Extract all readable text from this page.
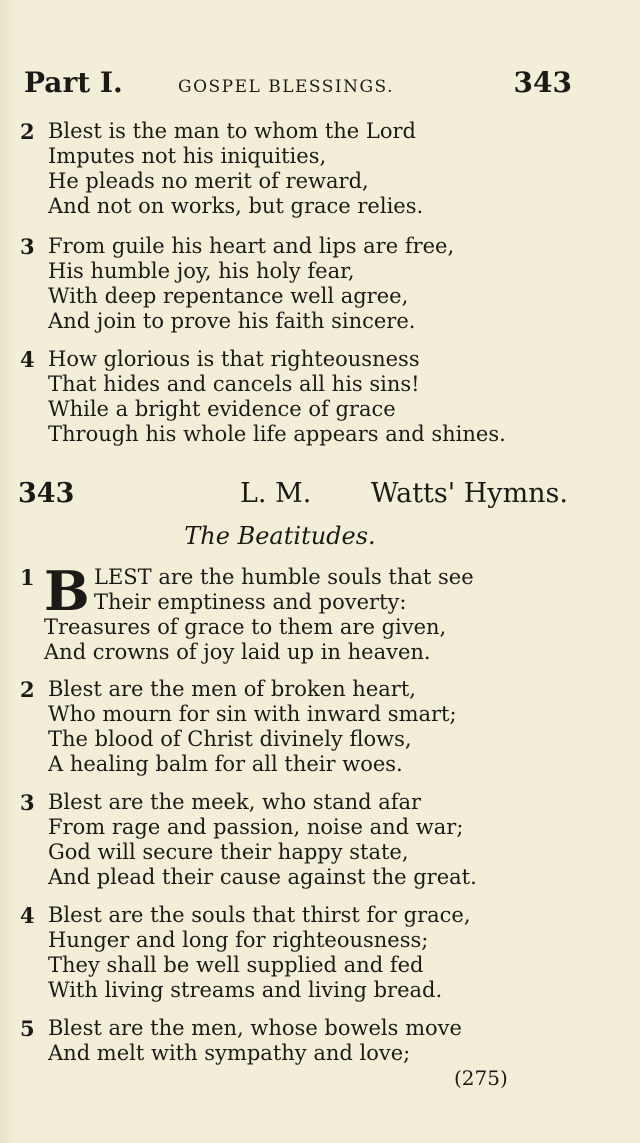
Part I.	GOSPEL BLESSINGS.	343
2 Blest is the man to whom the Lord
Imputes not his iniquities,
He pleads no merit of reward,
And not on works, but grace relies.
3 From guile his heart and lips are free,
His humble joy, his holy fear,
With deep repentance well agree,
And join to prove his faith sincere.
4 How glorious is that righteousness
That hides and cancels all his sins!
While a bright evidence of grace
Through his whole life appears and shines.
343	L. M. Watts' Hymns.
The Beatitudes.
1 B LEST are the humble souls that see
Their emptiness and poverty:
Treasures of grace to them are given,
And crowns of joy laid up in heaven.
2 Blest are the men of broken heart,
Who mourn for sin with inward smart;
The blood of Christ divinely flows,
A healing balm for all their woes.
3 Blest are the meek, who stand afar
From rage and passion, noise and war;
God will secure their happy state,
And plead their cause against the great.
4 Blest are the souls that thirst for grace,
Hunger and long for righteousness;
They shall be well supplied and fed
With living streams and living bread.
5 Blest are the men, whose bowels move
And melt with sympathy and love;
(275)
